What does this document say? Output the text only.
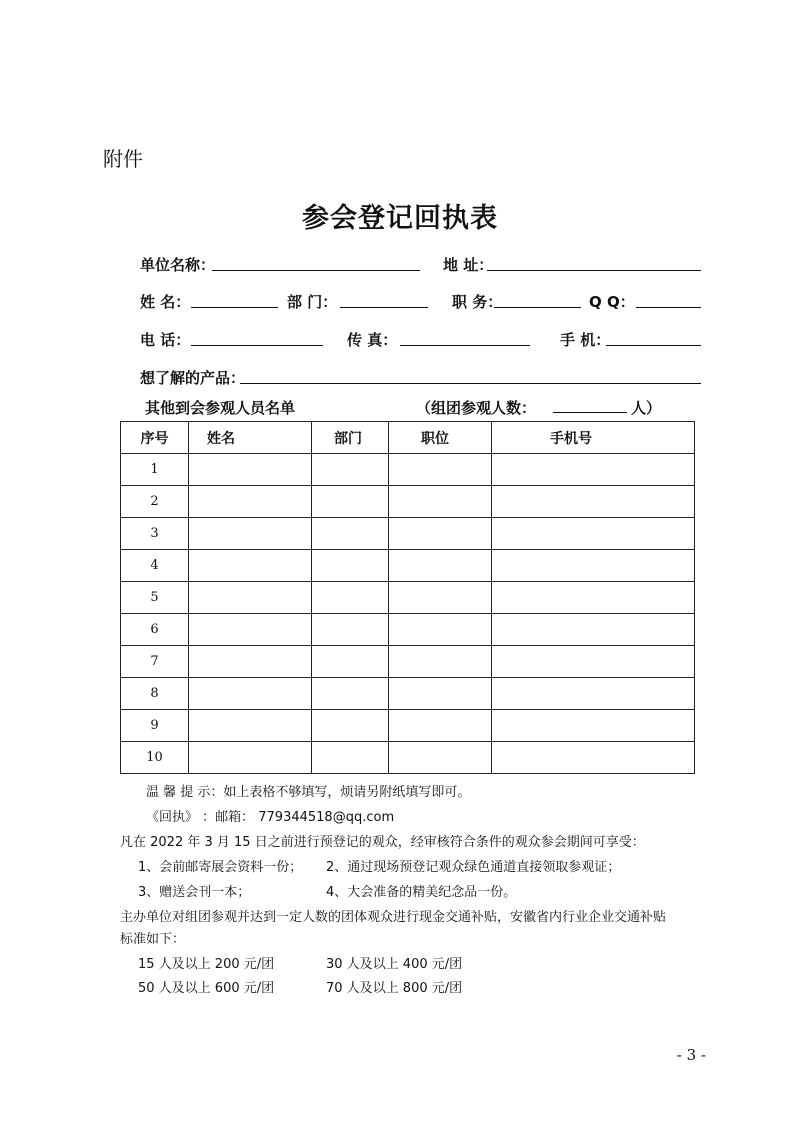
附件
参会登记回执表
单位名称：	地 址：
姓 名：	部 门：	职 务：	Q Q：
电 话：	传 真：	手 机：
想了解的产品：
其他到会参观人员名单	（组团参观人数：	人）
序号	姓名	部门	职位	手机号
1				
2				
3				
4				
5				
6				
7				
8				
9				
10				
温 馨 提 示：如上表格不够填写，烦请另附纸填写即可。
《回执》 ：邮箱： 779344518@qq.com
凡在 2022 年 3 月 15 日之前进行预登记的观众，经审核符合条件的观众参会期间可享受：
1、会前邮寄展会资料一份； 2、通过现场预登记观众绿色通道直接领取参观证；
3、赠送会刊一本；	4、大会准备的精美纪念品一份。
主办单位对组团参观并达到一定人数的团体观众进行现金交通补贴，安徽省内行业企业交通补贴
标准如下：
15 人及以上 200 元/团	30 人及以上 400 元/团
50 人及以上 600 元/团	70 人及以上 800 元/团
- 3 -
